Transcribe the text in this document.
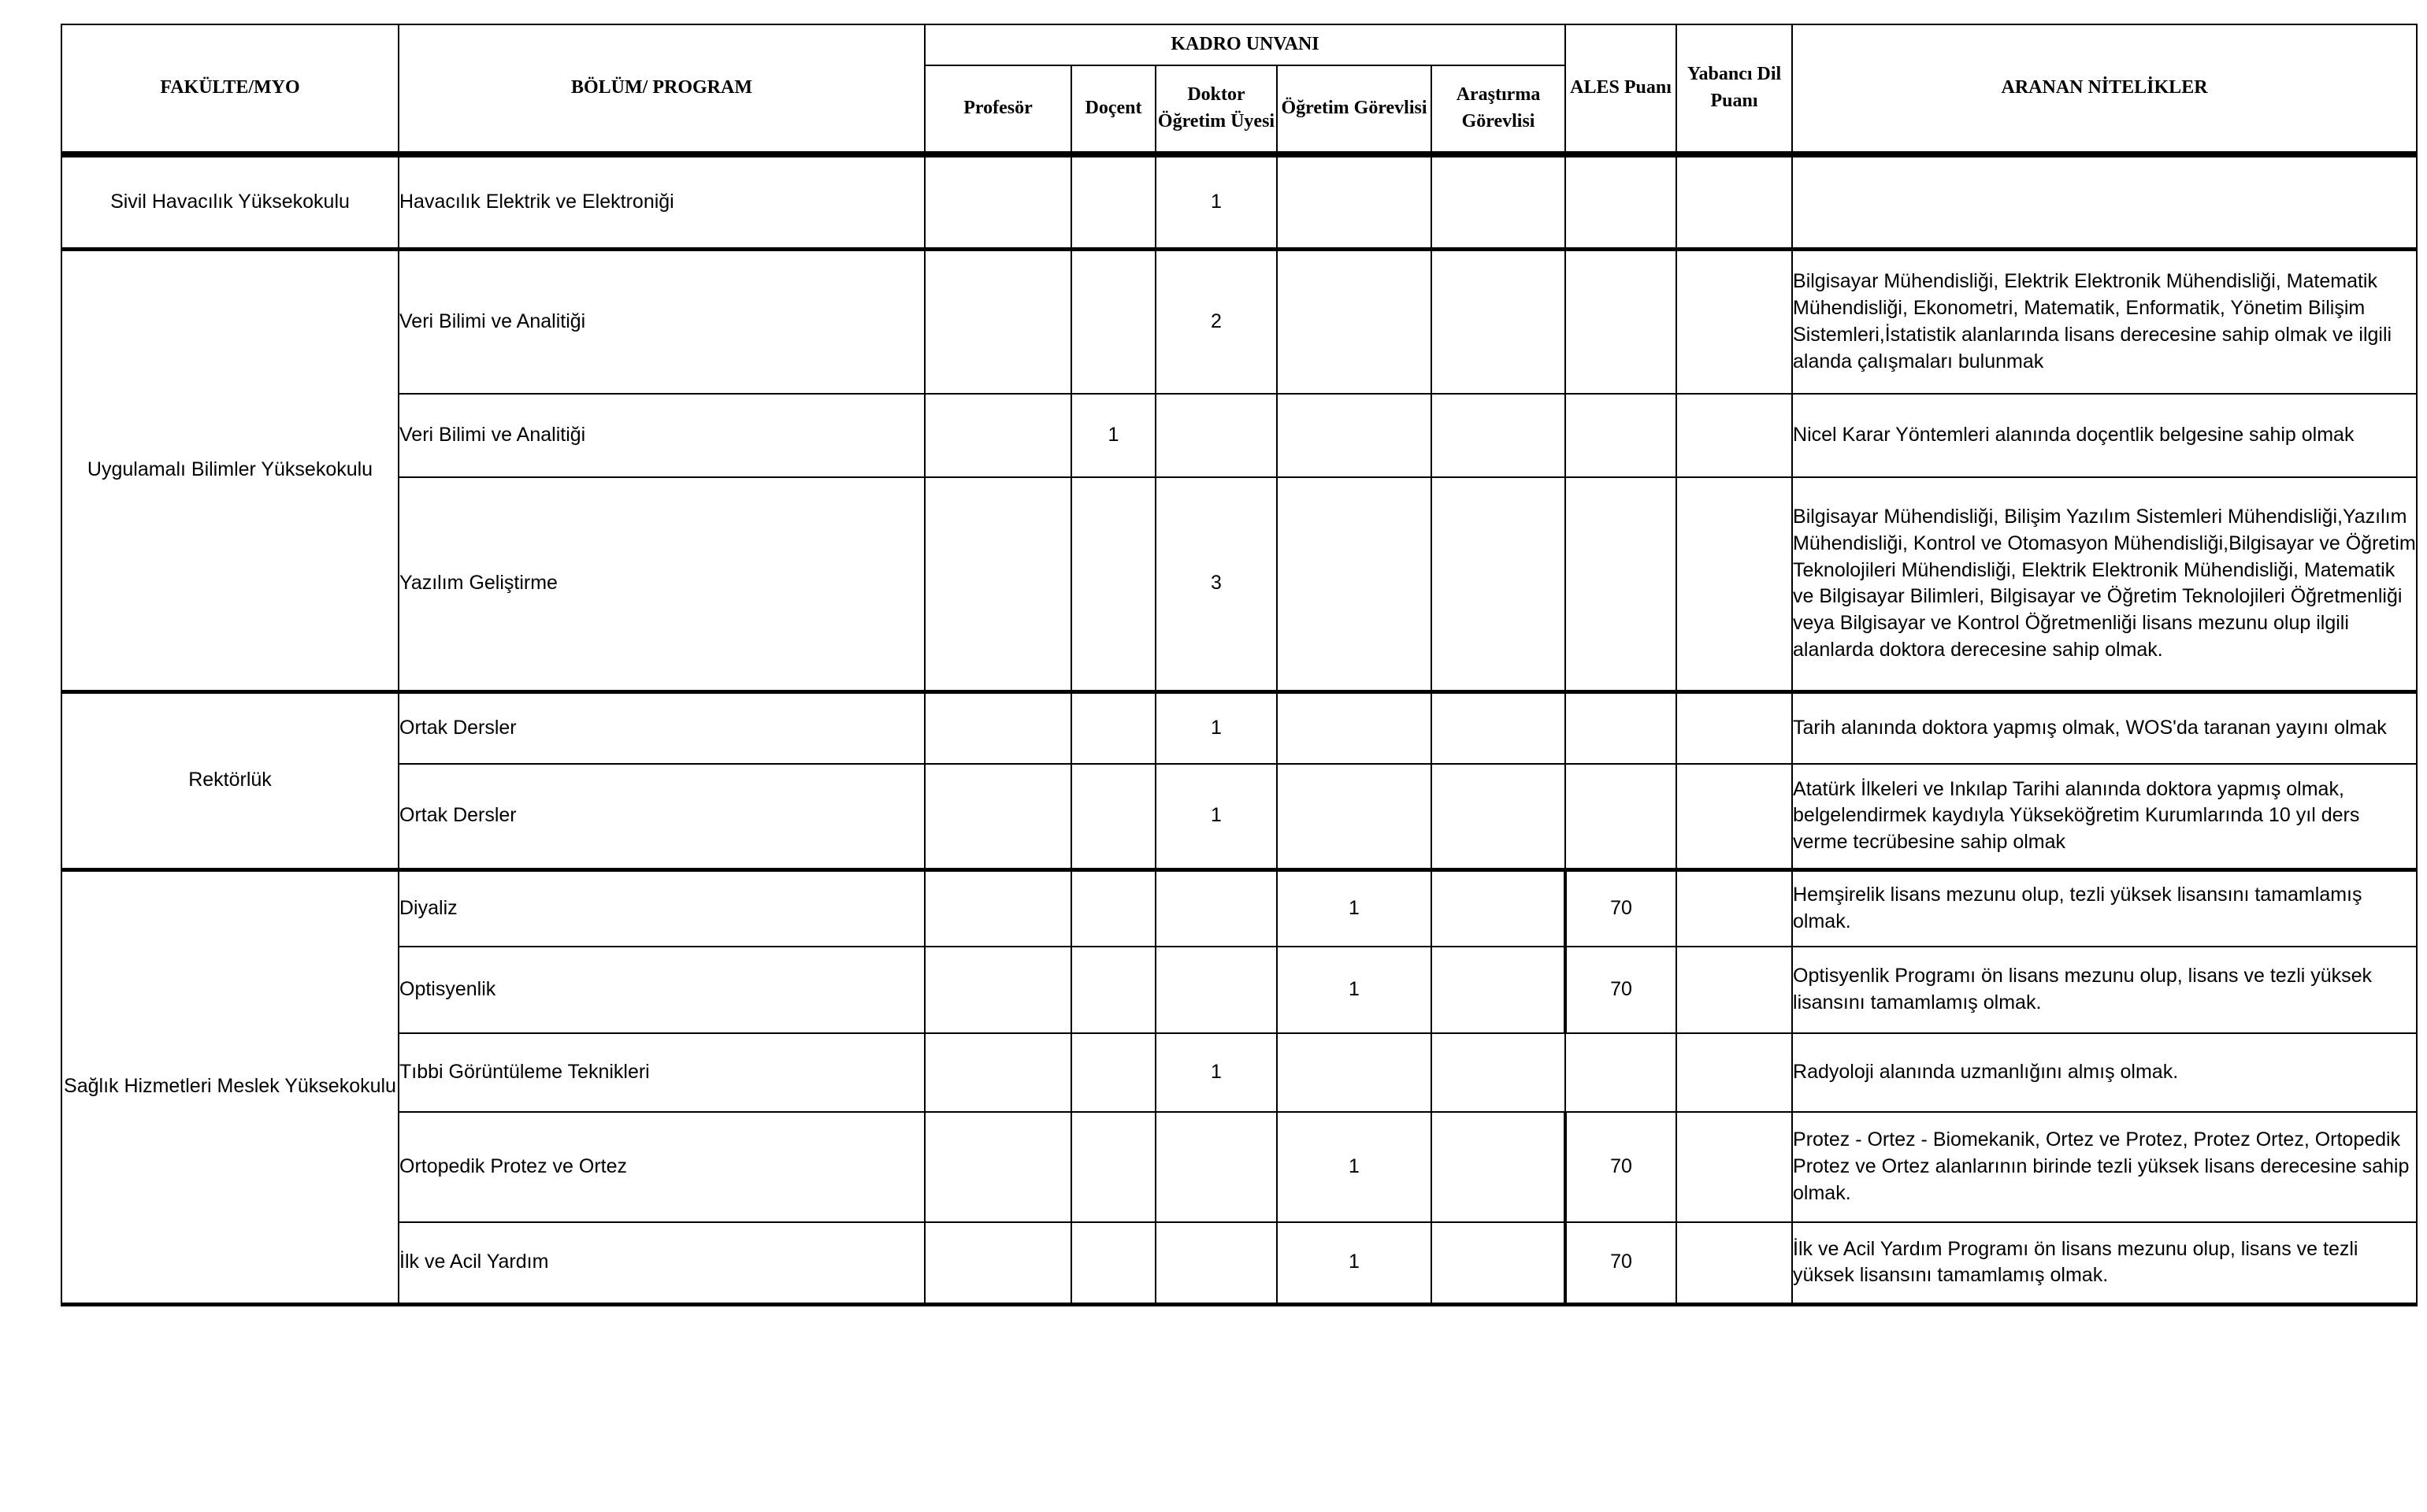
FAKÜLTE/MYO	BÖLÜM/ PROGRAM	KADRO UNVANI					ALES Puanı	Yabancı Dil Puanı	ARANAN NİTELİKLER
		Profesör	Doçent	Doktor Öğretim Üyesi	Öğretim Görevlisi	Araştırma Görevlisi			
Sivil Havacılık Yüksekokulu	Havacılık Elektrik ve Elektroniği			1					
Uygulamalı Bilimler Yüksekokulu	Veri Bilimi ve Analitiği			2					Bilgisayar Mühendisliği, Elektrik Elektronik Mühendisliği, Matematik Mühendisliği, Ekonometri, Matematik, Enformatik, Yönetim Bilişim Sistemleri,İstatistik alanlarında lisans derecesine sahip olmak ve ilgili alanda çalışmaları bulunmak
	Veri Bilimi ve Analitiği		1						Nicel Karar Yöntemleri alanında doçentlik belgesine sahip olmak
	Yazılım Geliştirme			3					Bilgisayar Mühendisliği, Bilişim Yazılım Sistemleri Mühendisliği,Yazılım Mühendisliği, Kontrol ve Otomasyon Mühendisliği,Bilgisayar ve Öğretim Teknolojileri Mühendisliği, Elektrik Elektronik Mühendisliği, Matematik ve Bilgisayar Bilimleri, Bilgisayar ve Öğretim Teknolojileri Öğretmenliği veya Bilgisayar ve Kontrol Öğretmenliği lisans mezunu olup ilgili alanlarda doktora derecesine sahip olmak.
Rektörlük	Ortak Dersler			1					Tarih alanında doktora yapmış olmak, WOS'da taranan yayını olmak
	Ortak Dersler			1					Atatürk İlkeleri ve Inkılap Tarihi alanında doktora yapmış olmak, belgelendirmek kaydıyla Yükseköğretim Kurumlarında 10 yıl ders verme tecrübesine sahip olmak
Sağlık Hizmetleri Meslek Yüksekokulu	Diyaliz				1		70		Hemşirelik lisans mezunu olup, tezli yüksek lisansını tamamlamış olmak.
	Optisyenlik				1		70		Optisyenlik Programı ön lisans mezunu olup, lisans ve tezli yüksek lisansını tamamlamış olmak.
	Tıbbi Görüntüleme Teknikleri			1					Radyoloji alanında uzmanlığını almış olmak.
	Ortopedik Protez ve Ortez				1		70		Protez - Ortez - Biomekanik, Ortez ve Protez, Protez Ortez, Ortopedik Protez ve Ortez alanlarının birinde tezli yüksek lisans derecesine sahip olmak.
	İlk ve Acil Yardım				1		70		İlk ve Acil Yardım Programı ön lisans mezunu olup, lisans ve tezli yüksek lisansını tamamlamış olmak.
